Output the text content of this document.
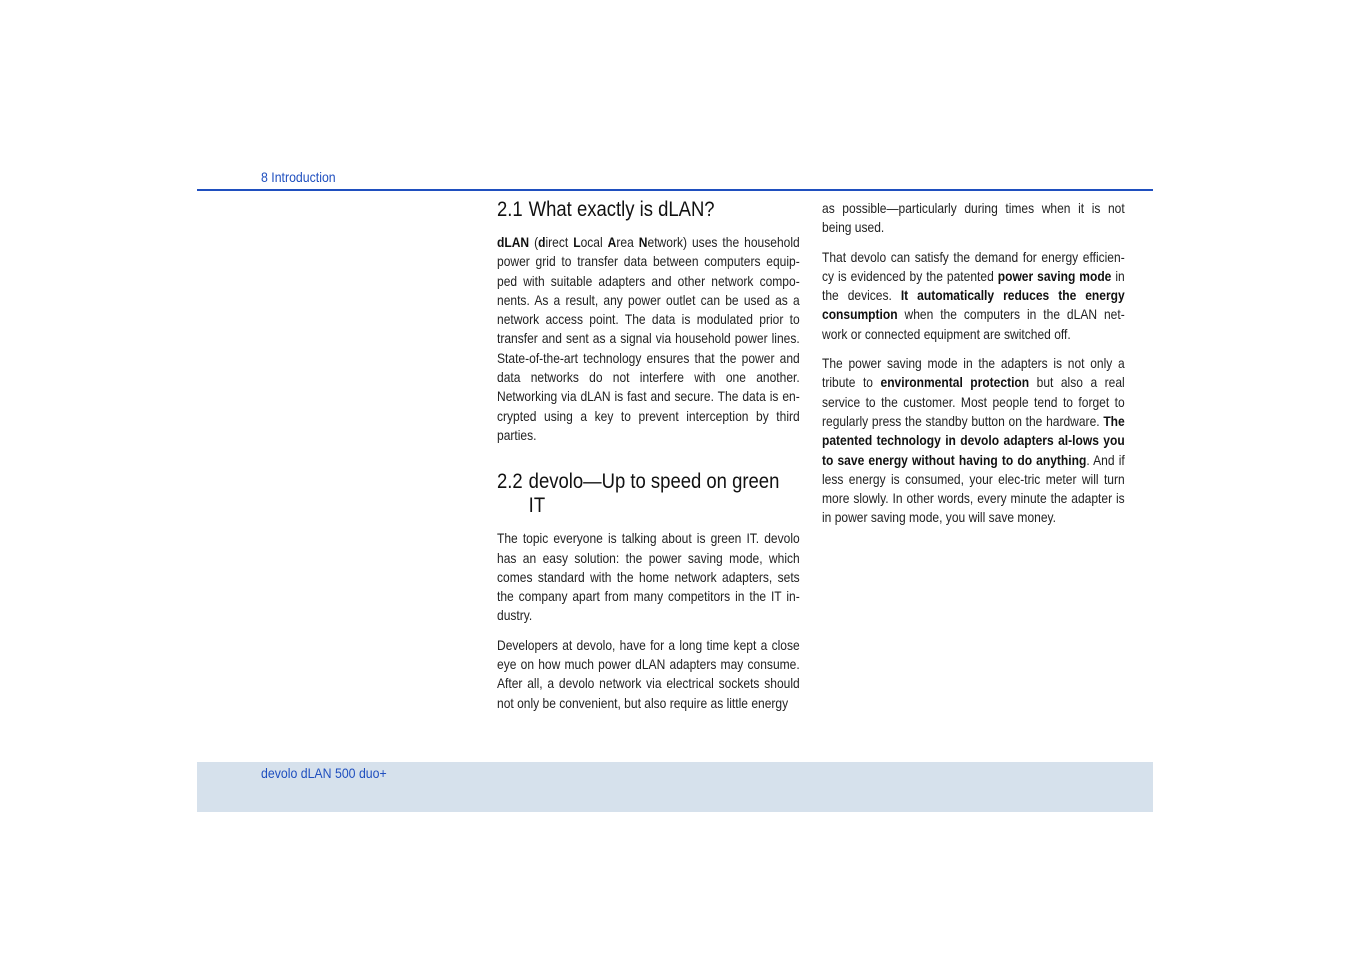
8 Introduction
2.1 What exactly is dLAN?

dLAN (direct Local Area Network) uses the household power grid to transfer data between computers equip-ped with suitable adapters and other network compo-nents. As a result, any power outlet can be used as a network access point. The data is modulated prior to transfer and sent as a signal via household power lines. State-of-the-art technology ensures that the power and data networks do not interfere with one another. Networking via dLAN is fast and secure. The data is en-crypted using a key to prevent interception by third parties.

2.2 devolo—Up to speed on green IT

The topic everyone is talking about is green IT. devolo has an easy solution: the power saving mode, which comes standard with the home network adapters, sets the company apart from many competitors in the IT in-dustry.

Developers at devolo, have for a long time kept a close eye on how much power dLAN adapters may consume. After all, a devolo network via electrical sockets should not only be convenient, but also require as little energy

as possible—particularly during times when it is not being used.

That devolo can satisfy the demand for energy efficien-cy is evidenced by the patented power saving mode in the devices. It automatically reduces the energy consumption when the computers in the dLAN net-work or connected equipment are switched off.

The power saving mode in the adapters is not only a tribute to environmental protection but also a real service to the customer. Most people tend to forget to regularly press the standby button on the hardware. The patented technology in devolo adapters al-lows you to save energy without having to do anything. And if less energy is consumed, your elec-tric meter will turn more slowly. In other words, every minute the adapter is in power saving mode, you will save money.

devolo dLAN 500 duo+
